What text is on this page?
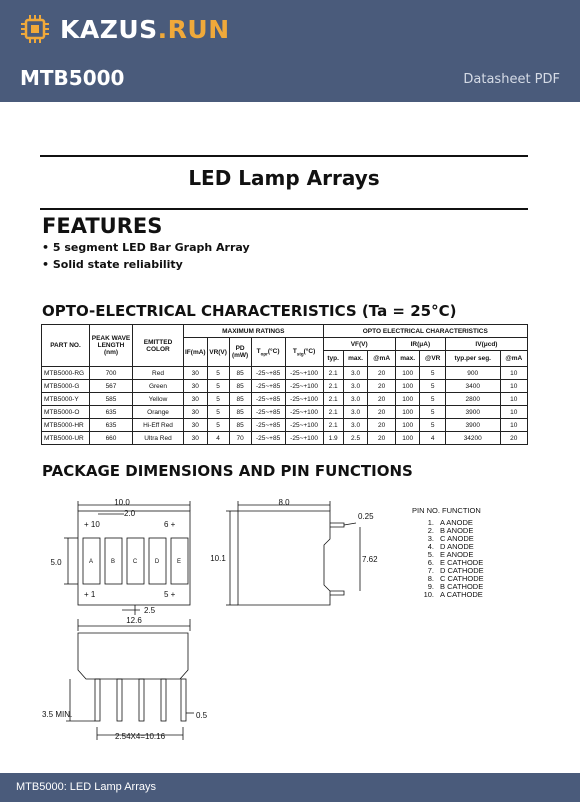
KAZUS.RUN
MTB5000	Datasheet PDF
LED Lamp Arrays
FEATURES
• 5 segment LED Bar Graph Array
• Solid state reliability
OPTO-ELECTRICAL CHARACTERISTICS (Ta = 25°C)
PART NO.	PEAK WAVE LENGTH (nm)	EMITTED COLOR	MAXIMUM RATINGS					OPTO ELECTRICAL CHARACTERISTICS						
			IF(mA)	VR(V)	PD (mW)	$T_{opr}(^\circ C)$	$T_{stg}(^\circ C)$	VF(V)			IR(μA)		IV(μcd)	
								typ.	max.	@mA	max.	@VR	typ.per seg.	@mA
MTB5000-RG	700	Red	30	5	85	-25~+85	-25~+100	2.1	3.0	20	100	5	900	10
MTB5000-G	567	Green	30	5	85	-25~+85	-25~+100	2.1	3.0	20	100	5	3400	10
MTB5000-Y	585	Yellow	30	5	85	-25~+85	-25~+100	2.1	3.0	20	100	5	2800	10
MTB5000-O	635	Orange	30	5	85	-25~+85	-25~+100	2.1	3.0	20	100	5	3900	10
MTB5000-HR	635	Hi-Eff Red	30	5	85	-25~+85	-25~+100	2.1	3.0	20	100	5	3900	10
MTB5000-UR	660	Ultra Red	30	4	70	-25~+85	-25~+100	1.9	2.5	20	100	4	34200	20
PACKAGE DIMENSIONS AND PIN FUNCTIONS
10.0
2.0
5.0
2.5
12.6
3.5 MIN.	0.5
2.54X4=10.16
+ 10	6 +
+ 1	5 +
A	B	C	D	E
8.0
10.1
0.25
7.62
PIN NO. FUNCTION
1. A ANODE
2. B ANODE
3. C ANODE
4. D ANODE
5. E ANODE
6. E CATHODE
7. D CATHODE
8. C CATHODE
9. B CATHODE
10. A CATHODE
MTB5000: LED Lamp Arrays
